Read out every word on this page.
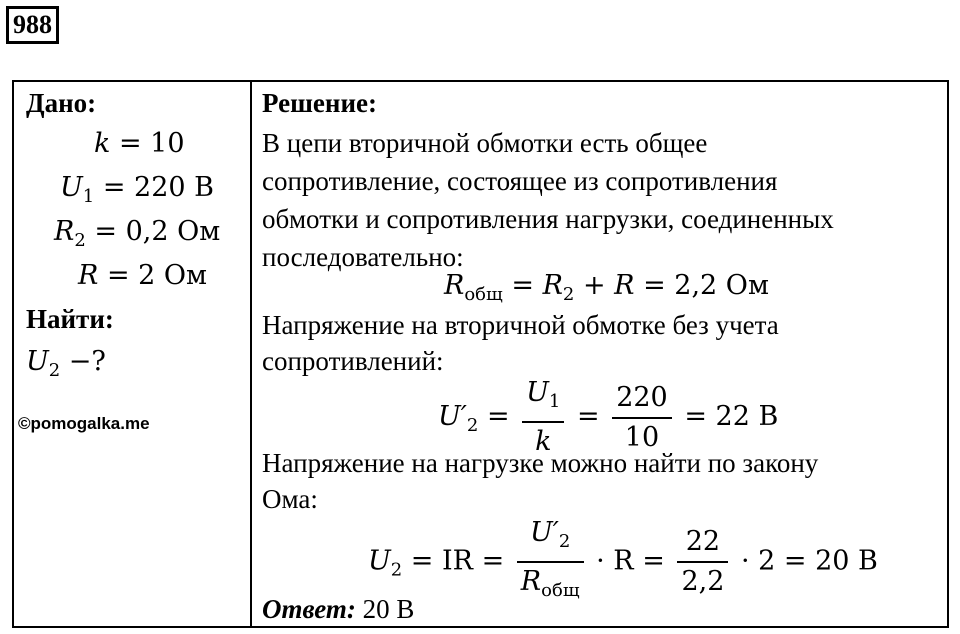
988
Дано:
k = 10
$U_1 = 220$ В
$R_2 = 0,2$ Ом
R = 2 Ом
Найти:
$U_2$ −?
©pomogalka.me
Решение:
В цепи вторичной обмотки есть общее
сопротивление, состоящее из сопротивления
обмотки и сопротивления нагрузки, соединенных
последовательно:
$R_{общ} = R_2 + R = 2,2$ Ом
Напряжение на вторичной обмотке без учета
сопротивлений:
$U'_2 = \frac{U_1}{k} = \frac{220}{10} = 22$ В
Напряжение на нагрузке можно найти по закону
Ома:
$U_2$ = IR = $\frac{U'_2}{R_{общ}} \cdot R = \frac{22}{2,2} \cdot 2 = 20$ В
Ответ: 20 В
